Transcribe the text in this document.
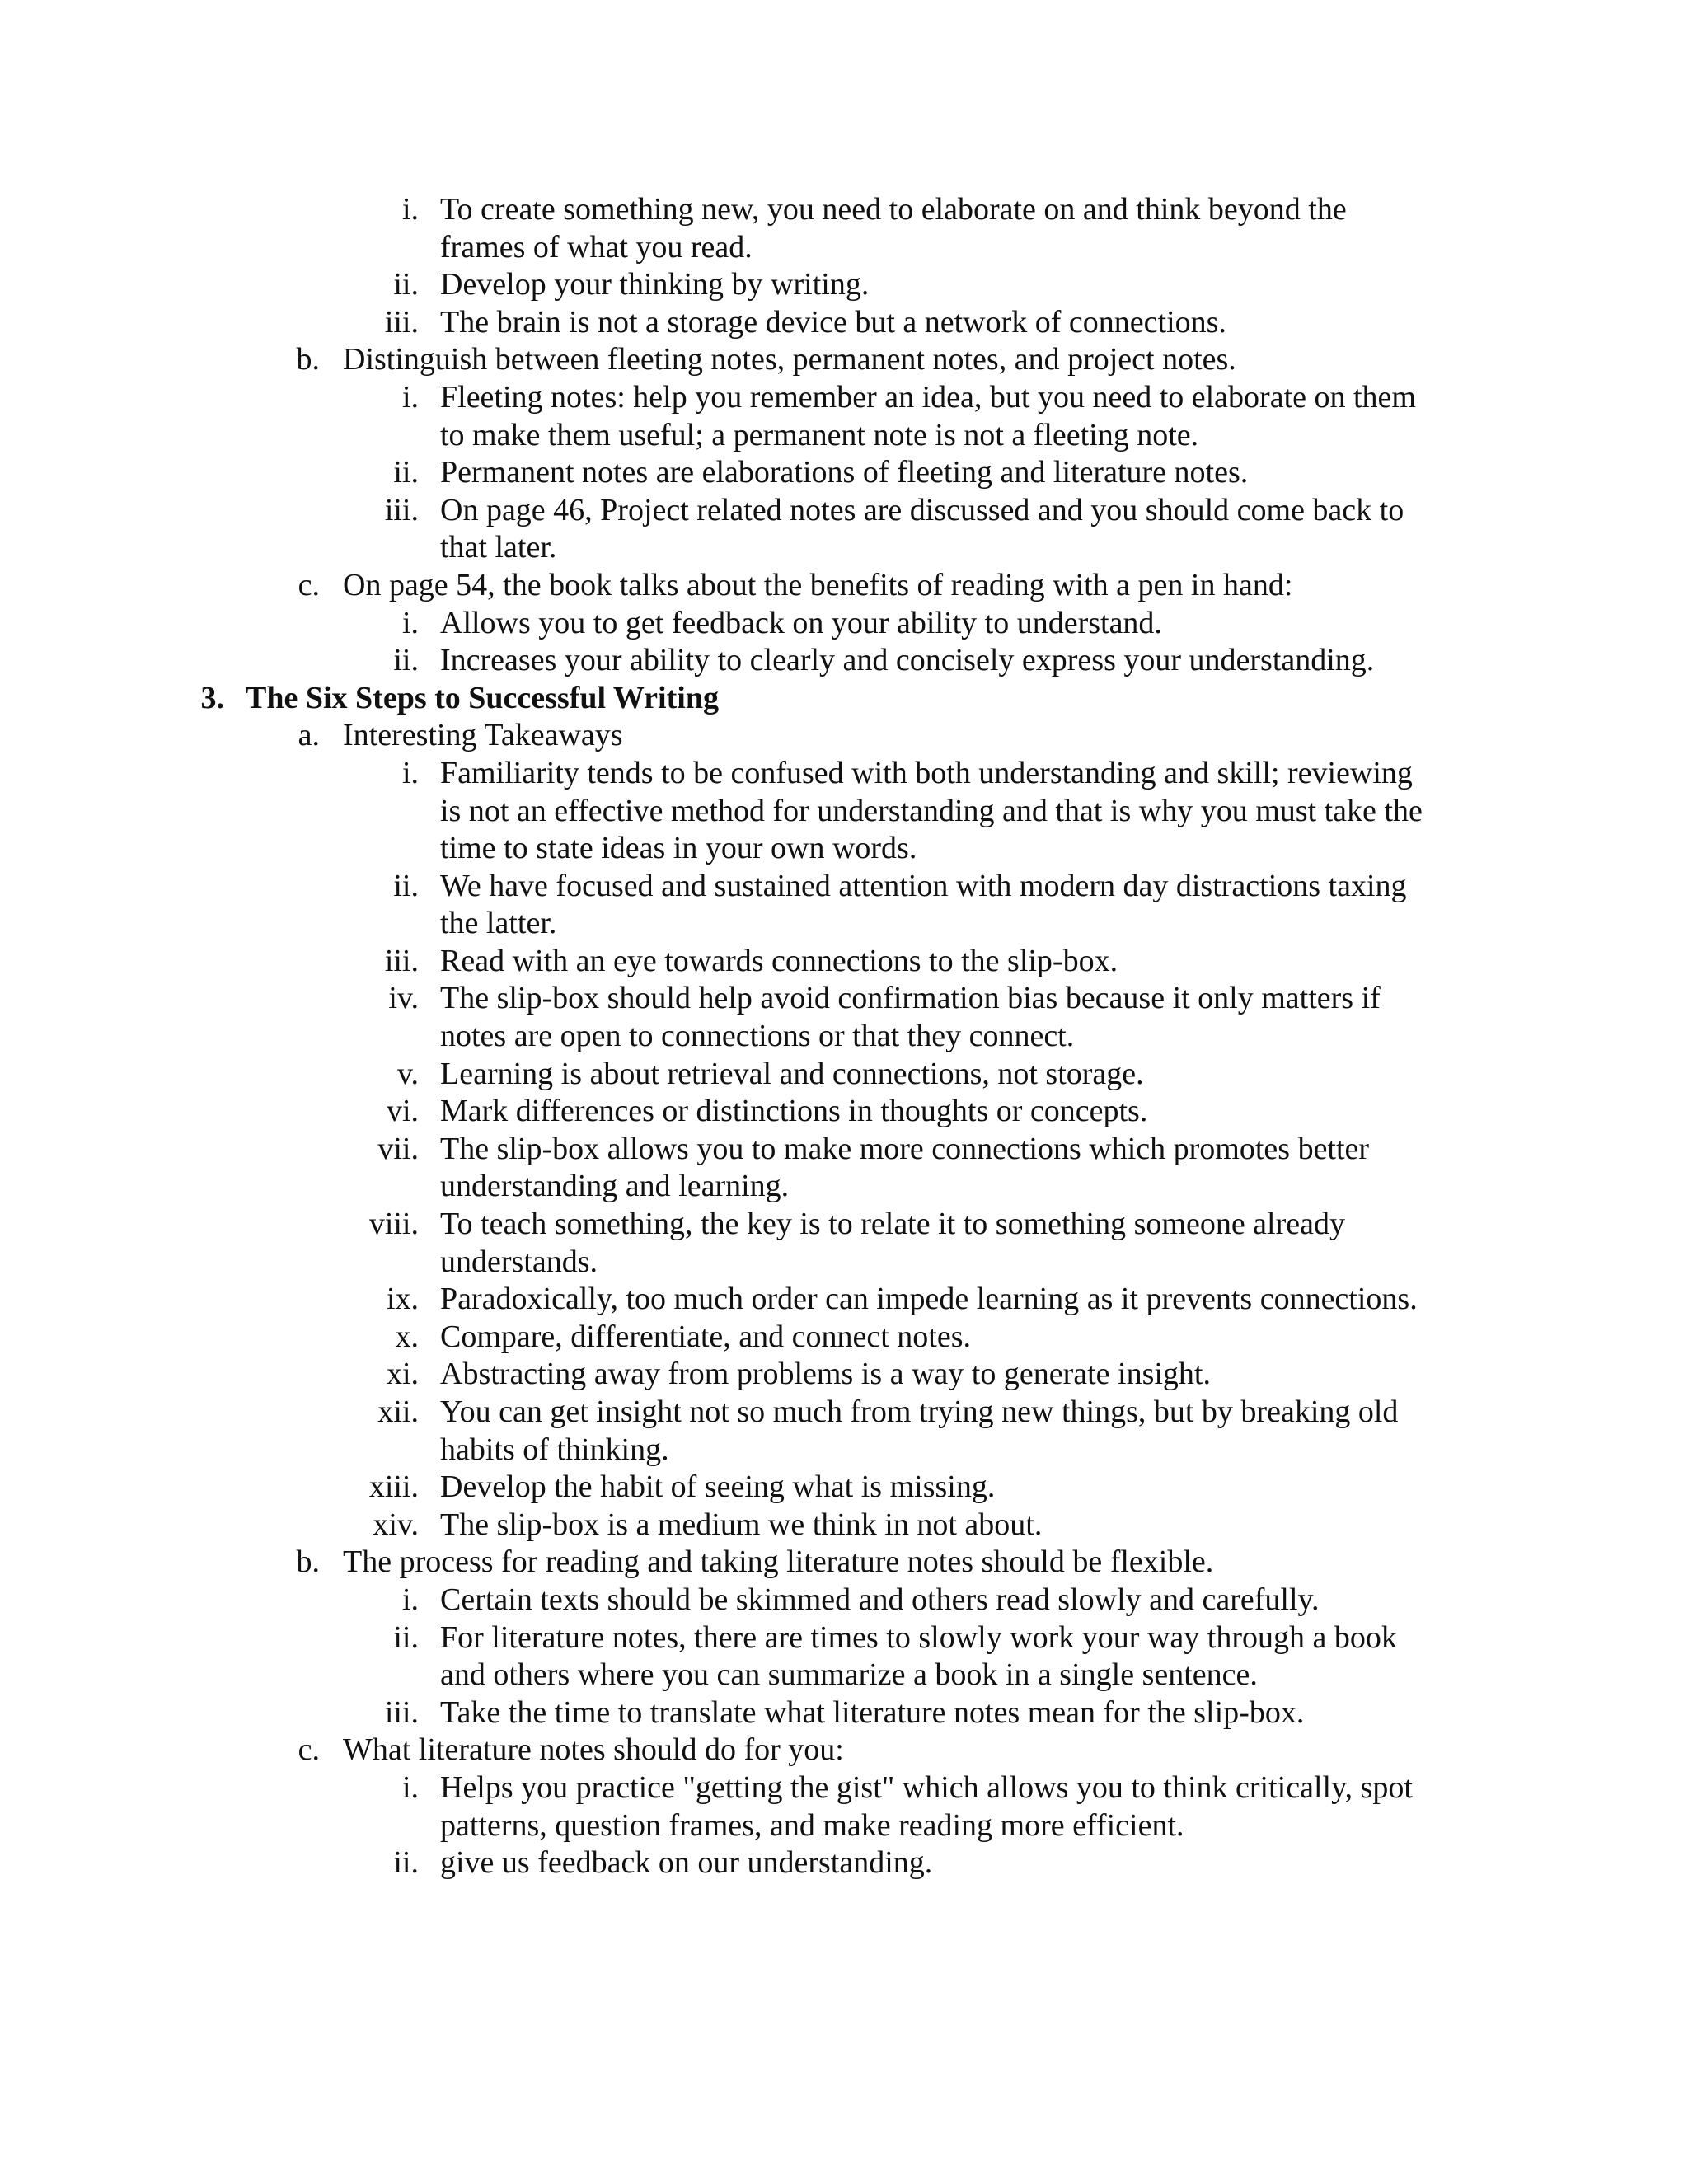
i. To create something new, you need to elaborate on and think beyond the
frames of what you read.
ii. Develop your thinking by writing.
iii. The brain is not a storage device but a network of connections.
b. Distinguish between fleeting notes, permanent notes, and project notes.
i. Fleeting notes: help you remember an idea, but you need to elaborate on them
to make them useful; a permanent note is not a fleeting note.
ii. Permanent notes are elaborations of fleeting and literature notes.
iii. On page 46, Project related notes are discussed and you should come back to
that later.
c. On page 54, the book talks about the benefits of reading with a pen in hand:
i. Allows you to get feedback on your ability to understand.
ii. Increases your ability to clearly and concisely express your understanding.
3. The Six Steps to Successful Writing
a. Interesting Takeaways
i. Familiarity tends to be confused with both understanding and skill; reviewing
is not an effective method for understanding and that is why you must take the
time to state ideas in your own words.
ii. We have focused and sustained attention with modern day distractions taxing
the latter.
iii. Read with an eye towards connections to the slip-box.
iv. The slip-box should help avoid confirmation bias because it only matters if
notes are open to connections or that they connect.
v. Learning is about retrieval and connections, not storage.
vi. Mark differences or distinctions in thoughts or concepts.
vii. The slip-box allows you to make more connections which promotes better
understanding and learning.
viii. To teach something, the key is to relate it to something someone already
understands.
ix. Paradoxically, too much order can impede learning as it prevents connections.
x. Compare, differentiate, and connect notes.
xi. Abstracting away from problems is a way to generate insight.
xii. You can get insight not so much from trying new things, but by breaking old
habits of thinking.
xiii. Develop the habit of seeing what is missing.
xiv. The slip-box is a medium we think in not about.
b. The process for reading and taking literature notes should be flexible.
i. Certain texts should be skimmed and others read slowly and carefully.
ii. For literature notes, there are times to slowly work your way through a book
and others where you can summarize a book in a single sentence.
iii. Take the time to translate what literature notes mean for the slip-box.
c. What literature notes should do for you:
i. Helps you practice "getting the gist" which allows you to think critically, spot
patterns, question frames, and make reading more efficient.
ii. give us feedback on our understanding.
